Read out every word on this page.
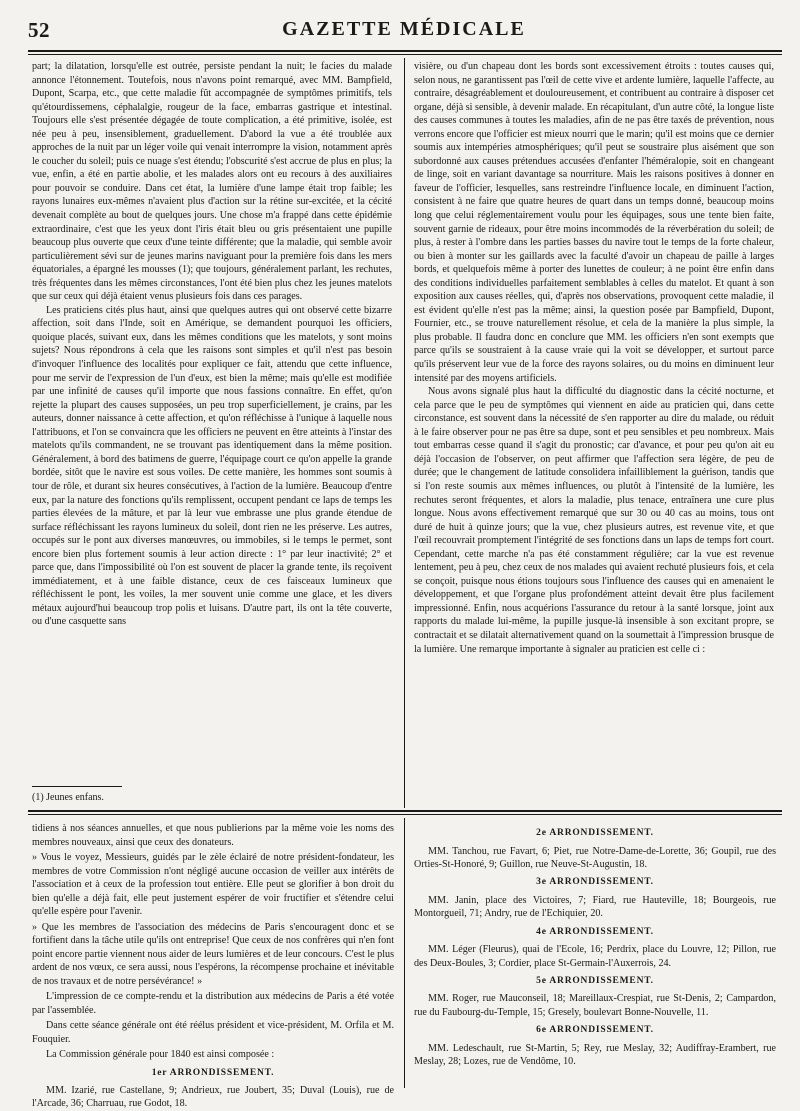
52	GAZETTE MÉDICALE

part; la dilatation, lorsqu'elle est outrée, persiste pendant la nuit; le facies du malade annonce l'étonnement. Toutefois, nous n'avons point remarqué, avec MM. Bampfield, Dupont, Scarpa, etc., que cette maladie fût accompagnée de symptômes primitifs, tels qu'étourdissemens, céphalalgie, rougeur de la face, embarras gastrique et intestinal. Toujours elle s'est présentée dégagée de toute complication, a été primitive, isolée, est née peu à peu, insensiblement, graduellement. D'abord la vue a été troublée aux approches de la nuit par un léger voile qui venait interrompre la vision, notamment après le coucher du soleil; puis ce nuage s'est étendu; l'obscurité s'est accrue de plus en plus; la vue, enfin, a été en partie abolie, et les malades alors ont eu recours à des auxiliaires pour pouvoir se conduire. Dans cet état, la lumière d'une lampe était trop faible; les rayons lunaires eux-mêmes n'avaient plus d'action sur la rétine sur-excitée, et la cécité devenait complète au bout de quelques jours. Une chose m'a frappé dans cette épidémie extraordinaire, c'est que les yeux dont l'iris était bleu ou gris présentaient une pupille beaucoup plus ouverte que ceux d'une teinte différente; que la maladie, qui semble avoir particulièrement sévi sur de jeunes marins naviguant pour la première fois dans les mers équatoriales, a épargné les mousses (1); que toujours, généralement parlant, les rechutes, très fréquentes dans les mêmes circonstances, l'ont été bien plus chez les jeunes matelots que sur ceux qui déjà étaient venus plusieurs fois dans ces parages.

Les praticiens cités plus haut, ainsi que quelques autres qui ont observé cette bizarre affection, soit dans l'Inde, soit en Amérique, se demandent pourquoi les officiers, quoique placés, suivant eux, dans les mêmes conditions que les matelots, y sont moins sujets? Nous répondrons à cela que les raisons sont simples et qu'il n'est pas besoin d'invoquer l'influence des localités pour expliquer ce fait, attendu que cette influence, pour me servir de l'expression de l'un d'eux, est bien la même; mais qu'elle est modifiée par une infinité de causes qu'il importe que nous fassions connaître. En effet, qu'on rejette la plupart des causes supposées, un peu trop superficiellement, je crains, par les auteurs, donner naissance à cette affection, et qu'on réfléchisse à l'unique à laquelle nous l'attribuons, et l'on se convaincra que les officiers ne peuvent en être atteints à l'instar des matelots qu'ils commandent, ne se trouvant pas identiquement dans la même position. Généralement, à bord des batimens de guerre, l'équipage court ce qu'on appelle la grande bordée, sitôt que le navire est sous voiles. De cette manière, les hommes sont soumis à tour de rôle, et durant six heures consécutives, à l'action de la lumière. Beaucoup d'entre eux, par la nature des fonctions qu'ils remplissent, occupent pendant ce laps de temps les parties élevées de la mâture, et par là leur vue embrasse une plus grande étendue de surface réfléchissant les rayons lumineux du soleil, dont rien ne les préserve. Les autres, occupés sur le pont aux diverses manœuvres, ou immobiles, si le temps le permet, sont encore bien plus fortement soumis à leur action directe : 1° par leur inactivité; 2° et parce que, dans l'impossibilité où l'on est souvent de placer la grande tente, ils reçoivent immédiatement, et à une faible distance, ceux de ces faisceaux lumineux que réfléchissent le pont, les voiles, la mer souvent unie comme une glace, et les divers métaux aujourd'hui beaucoup trop polis et luisans. D'autre part, ils ont la tête couverte, ou d'une casquette sans

(1) Jeunes enfans.

visière, ou d'un chapeau dont les bords sont excessivement étroits : toutes causes qui, selon nous, ne garantissent pas l'œil de cette vive et ardente lumière, laquelle l'affecte, au contraire, désagréablement et douloureusement, et contribuent au contraire à disposer cet organe, déjà si sensible, à devenir malade. En récapitulant, d'un autre côté, la longue liste des causes communes à toutes les maladies, afin de ne pas être taxés de prévention, nous verrons encore que l'officier est mieux nourri que le marin; qu'il est moins que ce dernier soumis aux intempéries atmosphériques; qu'il peut se soustraire plus aisément que son subordonné aux causes prétendues accusées d'enfanter l'héméralopie, soit en changeant de linge, soit en variant davantage sa nourriture. Mais les raisons positives à donner en faveur de l'officier, lesquelles, sans restreindre l'influence locale, en diminuent l'action, consistent à ne faire que quatre heures de quart dans un temps donné, beaucoup moins long que celui réglementairement voulu pour les équipages, sous une tente bien faite, souvent garnie de rideaux, pour être moins incommodés de la réverbération du soleil; de plus, à rester à l'ombre dans les parties basses du navire tout le temps de la forte chaleur, ou bien à monter sur les gaillards avec la faculté d'avoir un chapeau de paille à larges bords, et quelquefois même à porter des lunettes de couleur; à ne point être enfin dans des conditions individuelles parfaitement semblables à celles du matelot. Et quant à son exposition aux causes réelles, qui, d'après nos observations, provoquent cette maladie, il est évident qu'elle n'est pas la même; ainsi, la question posée par Bampfield, Dupont, Fournier, etc., se trouve naturellement résolue, et cela de la manière la plus simple, la plus probable. Il faudra donc en conclure que MM. les officiers n'en sont exempts que parce qu'ils se soustraient à la cause vraie qui la voit se développer, et surtout parce qu'ils préservent leur vue de la force des rayons solaires, ou du moins en diminuent leur intensité par des moyens artificiels.

Nous avons signalé plus haut la difficulté du diagnostic dans la cécité nocturne, et cela parce que le peu de symptômes qui viennent en aide au praticien qui, dans cette circonstance, est souvent dans la nécessité de s'en rapporter au dire du malade, ou réduit à le faire observer pour ne pas être sa dupe, sont et peu sensibles et peu nombreux. Mais tout embarras cesse quand il s'agit du pronostic; car d'avance, et pour peu qu'on ait eu déjà l'occasion de l'observer, on peut affirmer que l'affection sera légère, de peu de durée; que le changement de latitude consolidera infailliblement la guérison, tandis que si l'on reste soumis aux mêmes influences, ou plutôt à l'intensité de la lumière, les rechutes seront fréquentes, et alors la maladie, plus tenace, entraînera une cure plus longue. Nous avons effectivement remarqué que sur 30 ou 40 cas au moins, tous ont duré de huit à quinze jours; que la vue, chez plusieurs autres, est revenue vite, et que l'œil recouvrait promptement l'intégrité de ses fonctions dans un laps de temps fort court. Cependant, cette marche n'a pas été constamment régulière; car la vue est revenue lentement, peu à peu, chez ceux de nos malades qui avaient rechuté plusieurs fois, et cela se conçoit, puisque nous étions toujours sous l'influence des causes qui en amenaient le développement, et que l'organe plus profondément atteint devait être plus facilement impressionné. Enfin, nous acquérions l'assurance du retour à la santé lorsque, joint aux rapports du malade lui-même, la pupille jusque-là insensible à son excitant propre, se contractait et se dilatait alternativement quand on la soumettait à l'impression brusque de la lumière. Une remarque importante à signaler au praticien est celle ci :

tidiens à nos séances annuelles, et que nous publierions par la même voie les noms des membres nouveaux, ainsi que ceux des donateurs.

» Vous le voyez, Messieurs, guidés par le zèle éclairé de notre président-fondateur, les membres de votre Commission n'ont négligé aucune occasion de veiller aux intérêts de l'association et à ceux de la profession tout entière. Elle peut se glorifier à bon droit du bien qu'elle a déjà fait, elle peut justement espérer de voir fructifier et s'étendre celui qu'elle espère pour l'avenir.

» Que les membres de l'association des médecins de Paris s'encouragent donc et se fortifient dans la tâche utile qu'ils ont entreprise! Que ceux de nos confrères qui n'en font point encore partie viennent nous aider de leurs lumières et de leur concours. C'est le plus ardent de nos vœux, ce sera aussi, nous l'espérons, la récompense prochaine et inévitable de nos travaux et de notre persévérance! »

L'impression de ce compte-rendu et la distribution aux médecins de Paris a été votée par l'assemblée.

Dans cette séance générale ont été réélus président et vice-président, M. Orfila et M. Fouquier.

La Commission générale pour 1840 est ainsi composée :

1er ARRONDISSEMENT.

MM. Izarié, rue Castellane, 9; Andrieux, rue Joubert, 35; Duval (Louis), rue de l'Arcade, 36; Charruau, rue Godot, 18.

2e ARRONDISSEMENT.

MM. Tanchou, rue Favart, 6; Piet, rue Notre-Dame-de-Lorette, 36; Goupil, rue des Orties-St-Honoré, 9; Guillon, rue Neuve-St-Augustin, 18.

3e ARRONDISSEMENT.

MM. Janin, place des Victoires, 7; Fiard, rue Hauteville, 18; Bourgeois, rue Montorgueil, 71; Andry, rue de l'Echiquier, 20.

4e ARRONDISSEMENT.

MM. Léger (Fleurus), quai de l'Ecole, 16; Perdrix, place du Louvre, 12; Pillon, rue des Deux-Boules, 3; Cordier, place St-Germain-l'Auxerrois, 24.

5e ARRONDISSEMENT.

MM. Roger, rue Mauconseil, 18; Mareillaux-Crespiat, rue St-Denis, 2; Campardon, rue du Faubourg-du-Temple, 15; Gresely, boulevart Bonne-Nouvelle, 11.

6e ARRONDISSEMENT.

MM. Ledeschault, rue St-Martin, 5; Rey, rue Meslay, 32; Audiffray-Erambert, rue Meslay, 28; Lozes, rue de Vendôme, 10.
